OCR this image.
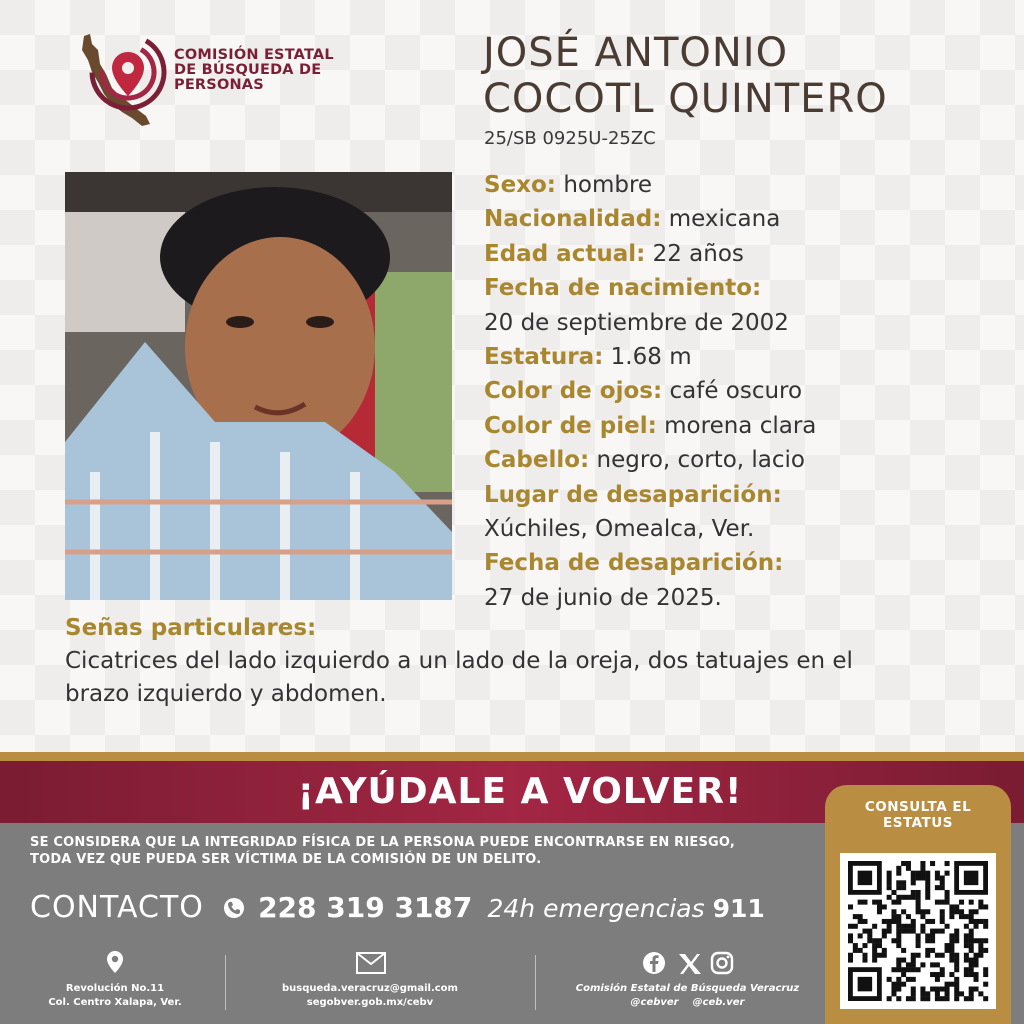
COMISIÓN ESTATAL
DE BÚSQUEDA DE
PERSONAS
JOSÉ ANTONIO
COCOTL QUINTERO
25/SB 0925U-25ZC
Sexo: hombre
Nacionalidad: mexicana
Edad actual: 22 años
Fecha de nacimiento:
20 de septiembre de 2002
Estatura: 1.68 m
Color de ojos: café oscuro
Color de piel: morena clara
Cabello: negro, corto, lacio
Lugar de desaparición:
Xúchiles, Omealca, Ver.
Fecha de desaparición:
27 de junio de 2025.
Señas particulares:
Cicatrices del lado izquierdo a un lado de la oreja, dos tatuajes en el
brazo izquierdo y abdomen.
¡AYÚDALE A VOLVER!
SE CONSIDERA QUE LA INTEGRIDAD FÍSICA DE LA PERSONA PUEDE ENCONTRARSE EN RIESGO,
TODA VEZ QUE PUEDA SER VÍCTIMA DE LA COMISIÓN DE UN DELITO.
CONTACTO 228 319 3187 24h emergencias 911
Revolución No.11
Col. Centro Xalapa, Ver.
busqueda.veracruz@gmail.com
segobver.gob.mx/cebv
Comisión Estatal de Búsqueda Veracruz
@cebver @ceb.ver
CONSULTA EL
ESTATUS
